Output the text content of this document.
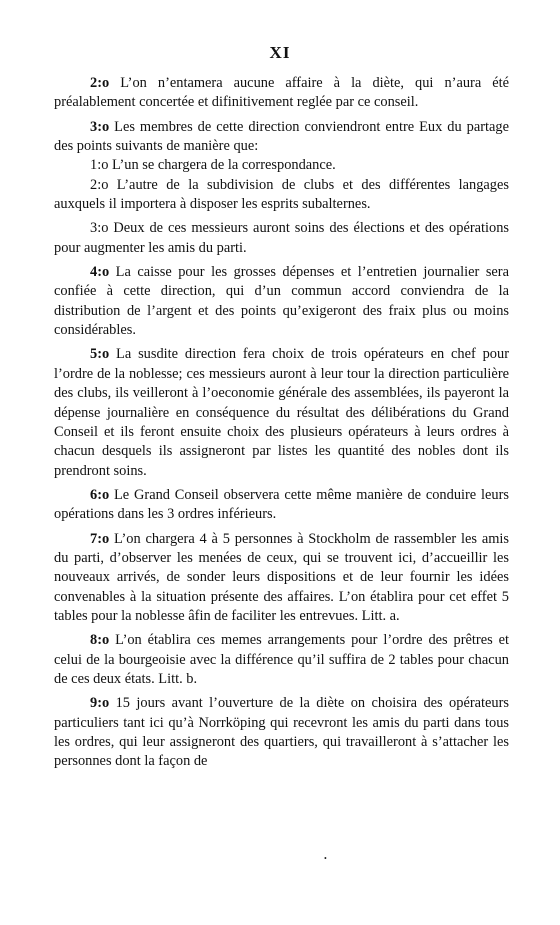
XI

2:o L’on n’entamera aucune affaire à la diète, qui n’aura été préalablement concertée et difinitivement reglée par ce conseil.

3:o Les membres de cette direction conviendront entre Eux du partage des points suivants de manière que:

1:o L’un se chargera de la correspondance.

2:o L’autre de la subdivision de clubs et des différentes langages auxquels il importera à disposer les esprits subalternes.

3:o Deux de ces messieurs auront soins des élections et des opérations pour augmenter les amis du parti.

4:o La caisse pour les grosses dépenses et l’entretien journalier sera confiée à cette direction, qui d’un commun accord conviendra de la distribution de l’argent et des points qu’exigeront des fraix plus ou moins considérables.

5:o La susdite direction fera choix de trois opérateurs en chef pour l’ordre de la noblesse; ces messieurs auront à leur tour la direction particulière des clubs, ils veilleront à l’oeconomie générale des assemblées, ils payeront la dépense journalière en conséquence du résultat des délibérations du Grand Conseil et ils feront ensuite choix des plusieurs opérateurs à leurs ordres à chacun desquels ils assigneront par listes les quantité des nobles dont ils prendront soins.

6:o Le Grand Conseil observera cette même manière de conduire leurs opérations dans les 3 ordres inférieurs.

7:o L’on chargera 4 à 5 personnes à Stockholm de rassembler les amis du parti, d’observer les menées de ceux, qui se trouvent ici, d’accueillir les nouveaux arrivés, de sonder leurs dispositions et de leur fournir les idées convenables à la situation présente des affaires. L’on établira pour cet effet 5 tables pour la noblesse âfin de faciliter les entrevues. Litt. a.

8:o L’on établira ces memes arrangements pour l’ordre des prêtres et celui de la bourgeoisie avec la différence qu’il suffira de 2 tables pour chacun de ces deux états. Litt. b.

9:o 15 jours avant l’ouverture de la diète on choisira des opérateurs particuliers tant ici qu’à Norrköping qui recevront les amis du parti dans tous les ordres, qui leur assigneront des quartiers, qui travailleront à s’attacher les personnes dont la façon de

•
